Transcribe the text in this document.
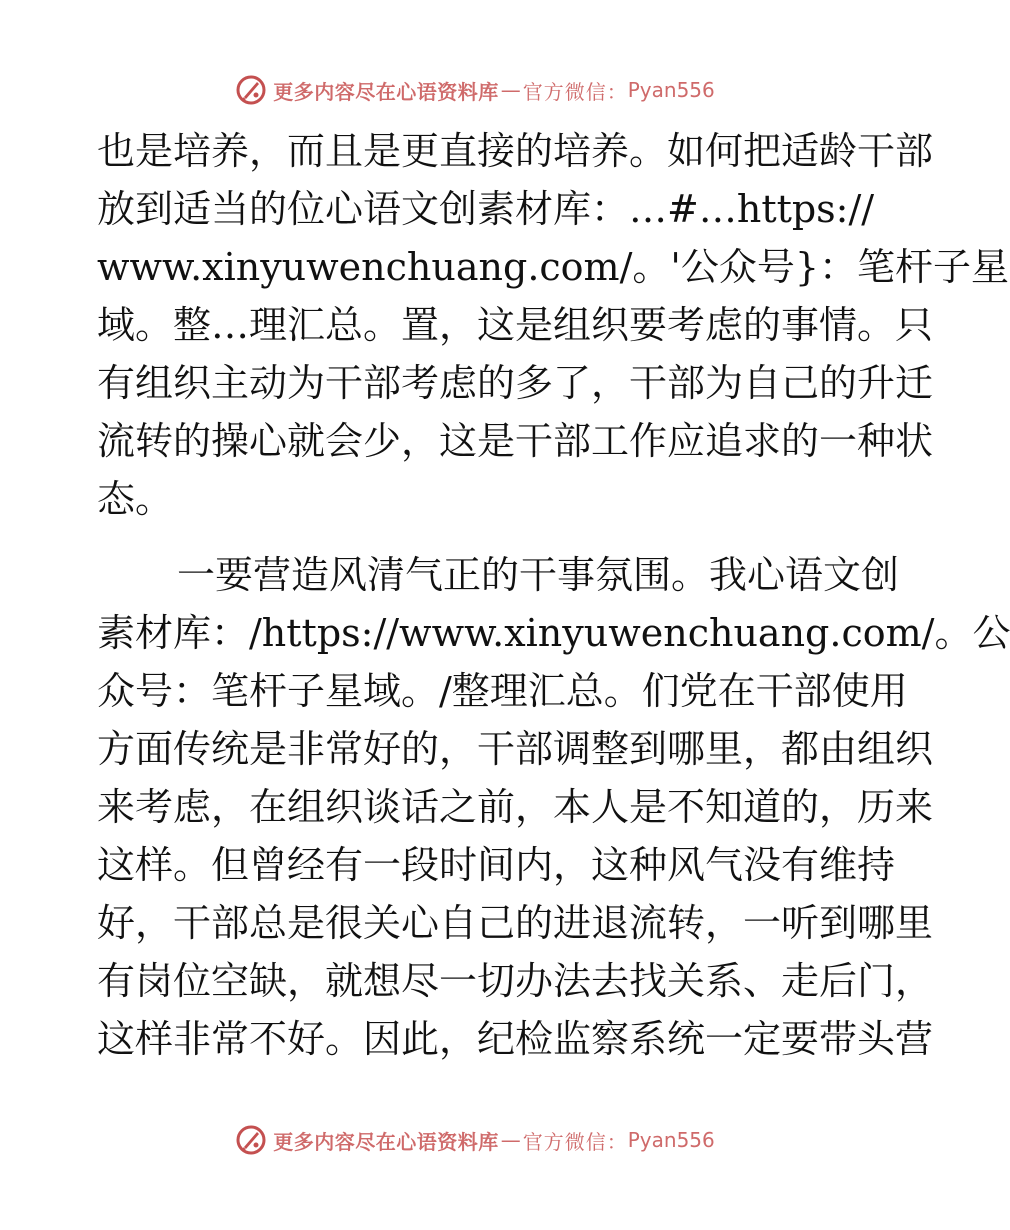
更多内容尽在心语资料库 — 官方微信： Pyan556
也是培养，而且是更直接的培养。如何把适龄干部
放到适当的位心语文创素材库：…#…https://
www.xinyuwenchuang.com/。'公众号}：笔杆子星
域。整…理汇总。置，这是组织要考虑的事情。只
有组织主动为干部考虑的多了，干部为自己的升迁
流转的操心就会少，这是干部工作应追求的一种状
态。
一要营造风清气正的干事氛围。我心语文创
素材库：/https://www.xinyuwenchuang.com/。公
众号：笔杆子星域。/整理汇总。们党在干部使用
方面传统是非常好的，干部调整到哪里，都由组织
来考虑，在组织谈话之前，本人是不知道的，历来
这样。但曾经有一段时间内，这种风气没有维持
好，干部总是很关心自己的进退流转，一听到哪里
有岗位空缺，就想尽一切办法去找关系、走后门，
这样非常不好。因此，纪检监察系统一定要带头营
更多内容尽在心语资料库 — 官方微信： Pyan556
